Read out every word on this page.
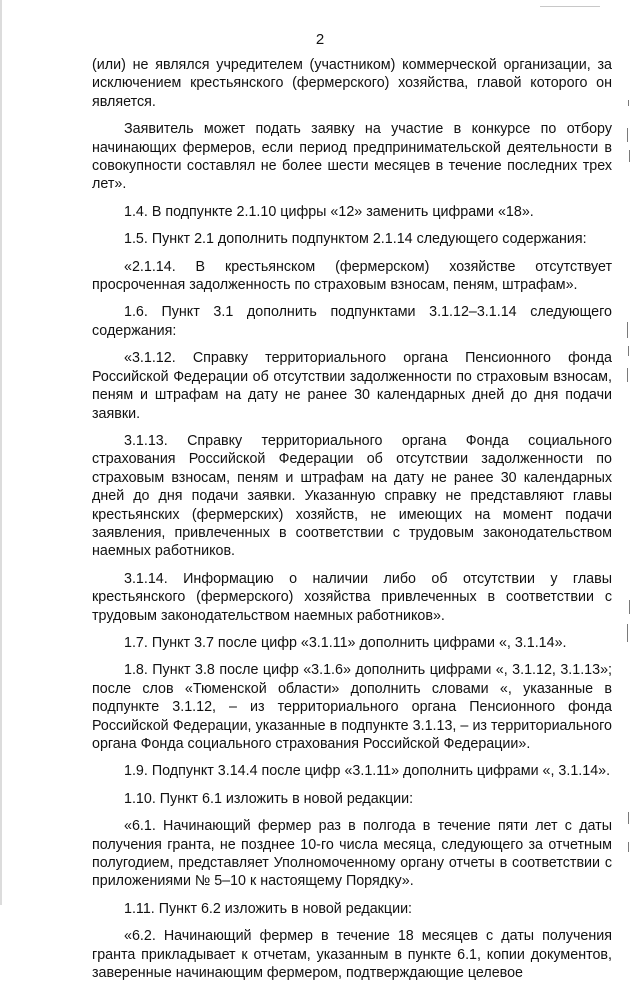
2

(или) не являлся учредителем (участником) коммерческой организации, за исключением крестьянского (фермерского) хозяйства, главой которого он является.

Заявитель может подать заявку на участие в конкурсе по отбору начинающих фермеров, если период предпринимательской деятельности в совокупности составлял не более шести месяцев в течение последних трех лет».

1.4. В подпункте 2.1.10 цифры «12» заменить цифрами «18».

1.5. Пункт 2.1 дополнить подпунктом 2.1.14 следующего содержания:

«2.1.14. В крестьянском (фермерском) хозяйстве отсутствует просроченная задолженность по страховым взносам, пеням, штрафам».

1.6. Пункт 3.1 дополнить подпунктами 3.1.12–3.1.14 следующего содержания:

«3.1.12. Справку территориального органа Пенсионного фонда Российской Федерации об отсутствии задолженности по страховым взносам, пеням и штрафам на дату не ранее 30 календарных дней до дня подачи заявки.

3.1.13. Справку территориального органа Фонда социального страхования Российской Федерации об отсутствии задолженности по страховым взносам, пеням и штрафам на дату не ранее 30 календарных дней до дня подачи заявки. Указанную справку не представляют главы крестьянских (фермерских) хозяйств, не имеющих на момент подачи заявления, привлеченных в соответствии с трудовым законодательством наемных работников.

3.1.14. Информацию о наличии либо об отсутствии у главы крестьянского (фермерского) хозяйства привлеченных в соответствии с трудовым законодательством наемных работников».

1.7. Пункт 3.7 после цифр «3.1.11» дополнить цифрами «, 3.1.14».

1.8. Пункт 3.8 после цифр «3.1.6» дополнить цифрами «, 3.1.12, 3.1.13»; после слов «Тюменской области» дополнить словами «, указанные в подпункте 3.1.12, – из территориального органа Пенсионного фонда Российской Федерации, указанные в подпункте 3.1.13, – из территориального органа Фонда социального страхования Российской Федерации».

1.9. Подпункт 3.14.4 после цифр «3.1.11» дополнить цифрами «, 3.1.14».

1.10. Пункт 6.1 изложить в новой редакции:

«6.1. Начинающий фермер раз в полгода в течение пяти лет с даты получения гранта, не позднее 10-го числа месяца, следующего за отчетным полугодием, представляет Уполномоченному органу отчеты в соответствии с приложениями № 5–10 к настоящему Порядку».

1.11. Пункт 6.2 изложить в новой редакции:

«6.2. Начинающий фермер в течение 18 месяцев с даты получения гранта прикладывает к отчетам, указанным в пункте 6.1, копии документов, заверенные начинающим фермером, подтверждающие целевое
